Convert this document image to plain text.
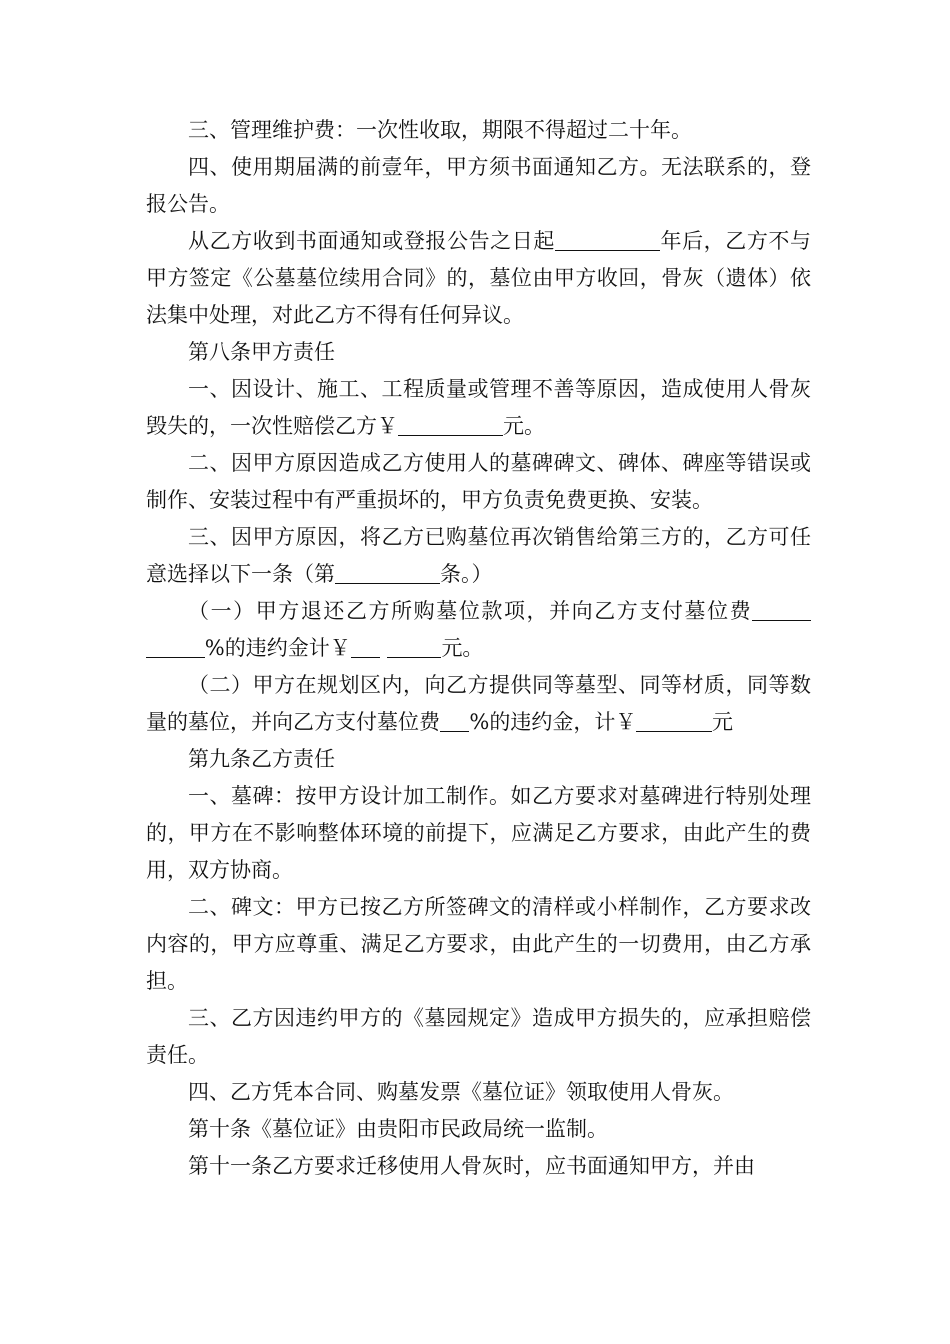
三、管理维护费：一次性收取，期限不得超过二十年。

四、使用期届满的前壹年，甲方须书面通知乙方。无法联系的，登报公告。

从乙方收到书面通知或登报公告之日起	年后，乙方不与甲方签定《公墓墓位续用合同》的，墓位由甲方收回，骨灰（遗体）依法集中处理，对此乙方不得有任何异议。

第八条甲方责任

一、因设计、施工、工程质量或管理不善等原因，造成使用人骨灰毁失的，一次性赔偿乙方￥	元。

二、因甲方原因造成乙方使用人的墓碑碑文、碑体、碑座等错误或制作、安装过程中有严重损坏的，甲方负责免费更换、安装。

三、因甲方原因，将乙方已购墓位再次销售给第三方的，乙方可任意选择以下一条（第	条。）

（一）甲方退还乙方所购墓位款项，并向乙方支付墓位费%的违约金计￥	元。

（二）甲方在规划区内，向乙方提供同等墓型、同等材质，同等数量的墓位，并向乙方支付墓位费 %的违约金，计￥	元

第九条乙方责任

一、墓碑：按甲方设计加工制作。如乙方要求对墓碑进行特别处理的，甲方在不影响整体环境的前提下，应满足乙方要求，由此产生的费用，双方协商。

二、碑文：甲方已按乙方所签碑文的清样或小样制作，乙方要求改内容的，甲方应尊重、满足乙方要求，由此产生的一切费用，由乙方承担。

三、乙方因违约甲方的《墓园规定》造成甲方损失的，应承担赔偿责任。

四、乙方凭本合同、购墓发票《墓位证》领取使用人骨灰。

第十条《墓位证》由贵阳市民政局统一监制。

第十一条乙方要求迁移使用人骨灰时，应书面通知甲方，并由
